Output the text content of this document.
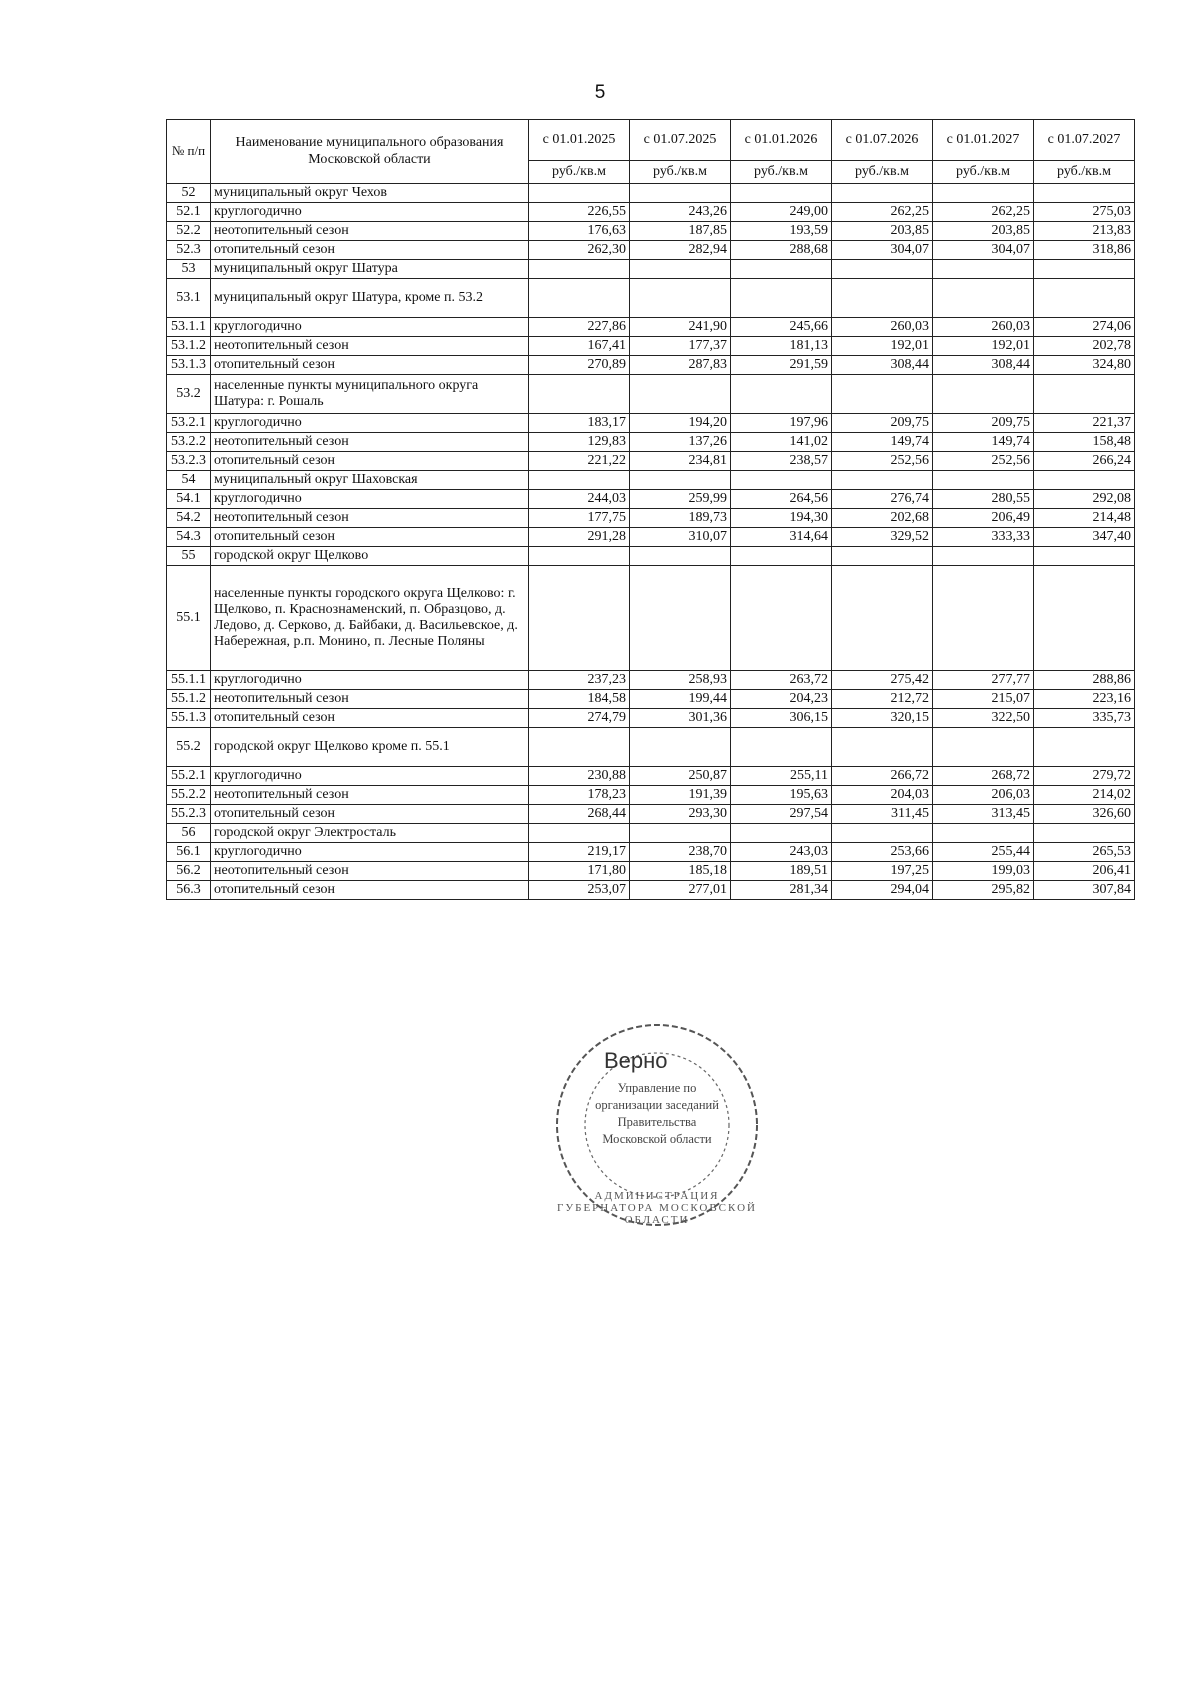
5
№ п/п	Наименование муниципального образования Московской области	с 01.01.2025	с 01.07.2025	с 01.01.2026	с 01.07.2026	с 01.01.2027	с 01.07.2027
		руб./кв.м	руб./кв.м	руб./кв.м	руб./кв.м	руб./кв.м	руб./кв.м
52	муниципальный округ Чехов						
52.1	круглогодично	226,55	243,26	249,00	262,25	262,25	275,03
52.2	неотопительный сезон	176,63	187,85	193,59	203,85	203,85	213,83
52.3	отопительный сезон	262,30	282,94	288,68	304,07	304,07	318,86
53	муниципальный округ Шатура						
53.1	муниципальный округ Шатура, кроме п. 53.2						
53.1.1	круглогодично	227,86	241,90	245,66	260,03	260,03	274,06
53.1.2	неотопительный сезон	167,41	177,37	181,13	192,01	192,01	202,78
53.1.3	отопительный сезон	270,89	287,83	291,59	308,44	308,44	324,80
53.2	населенные пункты муниципального округа Шатура: г. Рошаль						
53.2.1	круглогодично	183,17	194,20	197,96	209,75	209,75	221,37
53.2.2	неотопительный сезон	129,83	137,26	141,02	149,74	149,74	158,48
53.2.3	отопительный сезон	221,22	234,81	238,57	252,56	252,56	266,24
54	муниципальный округ Шаховская						
54.1	круглогодично	244,03	259,99	264,56	276,74	280,55	292,08
54.2	неотопительный сезон	177,75	189,73	194,30	202,68	206,49	214,48
54.3	отопительный сезон	291,28	310,07	314,64	329,52	333,33	347,40
55	городской округ Щелково						
55.1	населенные пункты городского округа Щелково: г. Щелково, п. Краснознаменский, п. Образцово, д. Ледово, д. Серково, д. Байбаки, д. Васильевское, д. Набережная, р.п. Монино, п. Лесные Поляны						
55.1.1	круглогодично	237,23	258,93	263,72	275,42	277,77	288,86
55.1.2	неотопительный сезон	184,58	199,44	204,23	212,72	215,07	223,16
55.1.3	отопительный сезон	274,79	301,36	306,15	320,15	322,50	335,73
55.2	городской округ Щелково кроме п. 55.1						
55.2.1	круглогодично	230,88	250,87	255,11	266,72	268,72	279,72
55.2.2	неотопительный сезон	178,23	191,39	195,63	204,03	206,03	214,02
55.2.3	отопительный сезон	268,44	293,30	297,54	311,45	313,45	326,60
56	городской округ Электросталь						
56.1	круглогодично	219,17	238,70	243,03	253,66	255,44	265,53
56.2	неотопительный сезон	171,80	185,18	189,51	197,25	199,03	206,41
56.3	отопительный сезон	253,07	277,01	281,34	294,04	295,82	307,84
Верно
Управление по организации заседаний Правительства Московской области
АДМИНИСТРАЦИЯ ГУБЕРНАТОРА МОСКОВСКОЙ ОБЛАСТИ
